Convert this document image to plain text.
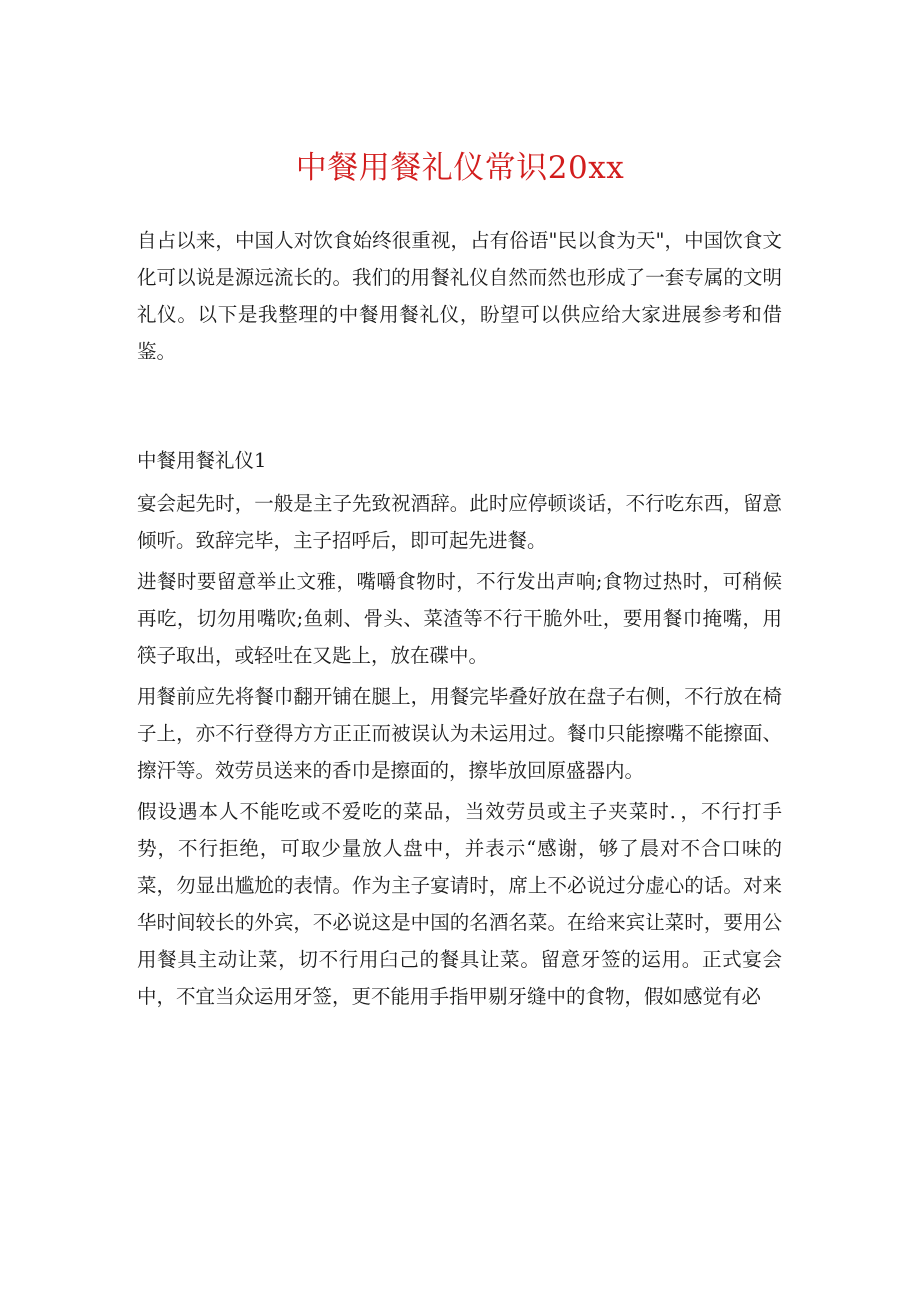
中餐用餐礼仪常识20xx

自占以来，中国人对饮食始终很重视，占有俗语"民以食为天"，中国饮食文化可以说是源远流长的。我们的用餐礼仪自然而然也形成了一套专属的文明礼仪。以下是我整理的中餐用餐礼仪，盼望可以供应给大家进展参考和借鉴。

中餐用餐礼仪1

宴会起先时，一般是主子先致祝酒辞。此时应停顿谈话，不行吃东西，留意倾听。致辞完毕，主子招呼后，即可起先进餐。

进餐时要留意举止文雅，嘴嚼食物时，不行发出声响;食物过热时，可稍候再吃，切勿用嘴吹;鱼刺、骨头、菜渣等不行干脆外吐，要用餐巾掩嘴，用筷子取出，或轻吐在又匙上，放在碟中。

用餐前应先将餐巾翻开铺在腿上，用餐完毕叠好放在盘子右侧，不行放在椅子上，亦不行登得方方正正而被误认为未运用过。餐巾只能擦嘴不能擦面、擦汗等。效劳员送来的香巾是擦面的，擦毕放回原盛器内。

假设遇本人不能吃或不爱吃的菜品，当效劳员或主子夹菜时．，不行打手势，不行拒绝，可取少量放人盘中，并表示“感谢，够了晨对不合口味的菜，勿显出尴尬的表情。作为主子宴请时，席上不必说过分虚心的话。对来华时间较长的外宾，不必说这是中国的名酒名菜。在给来宾让菜时，要用公用餐具主动让菜，切不行用臼己的餐具让菜。留意牙签的运用。正式宴会中，不宜当众运用牙签，更不能用手指甲剔牙缝中的食物，假如感觉有必
